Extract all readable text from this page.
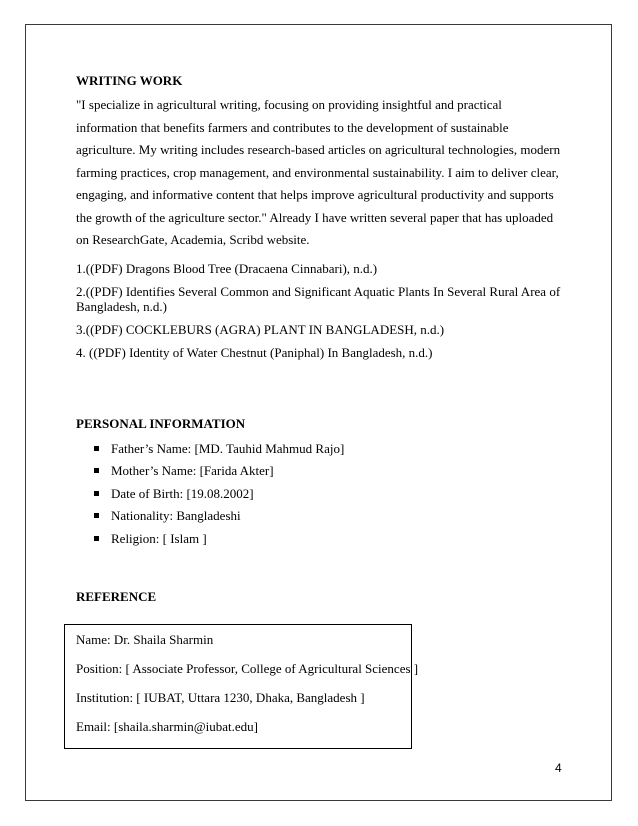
WRITING WORK

"I specialize in agricultural writing, focusing on providing insightful and practical information that benefits farmers and contributes to the development of sustainable agriculture. My writing includes research-based articles on agricultural technologies, modern farming practices, crop management, and environmental sustainability. I aim to deliver clear, engaging, and informative content that helps improve agricultural productivity and supports the growth of the agriculture sector." Already I have written several paper that has uploaded on ResearchGate, Academia, Scribd website.

1.((PDF) Dragons Blood Tree (Dracaena Cinnabari), n.d.)
2.((PDF) Identifies Several Common and Significant Aquatic Plants In Several Rural Area of Bangladesh, n.d.)
3.((PDF) COCKLEBURS (AGRA) PLANT IN BANGLADESH, n.d.)
4. ((PDF) Identity of Water Chestnut (Paniphal) In Bangladesh, n.d.)

PERSONAL INFORMATION

Father’s Name: [MD. Tauhid Mahmud Rajo]
Mother’s Name: [Farida Akter]
Date of Birth: [19.08.2002]
Nationality: Bangladeshi
Religion: [ Islam ]

REFERENCE

Name: Dr. Shaila Sharmin
Position: [ Associate Professor, College of Agricultural Sciences ]
Institution: [ IUBAT, Uttara 1230, Dhaka, Bangladesh ]
Email: [shaila.sharmin@iubat.edu]
4
